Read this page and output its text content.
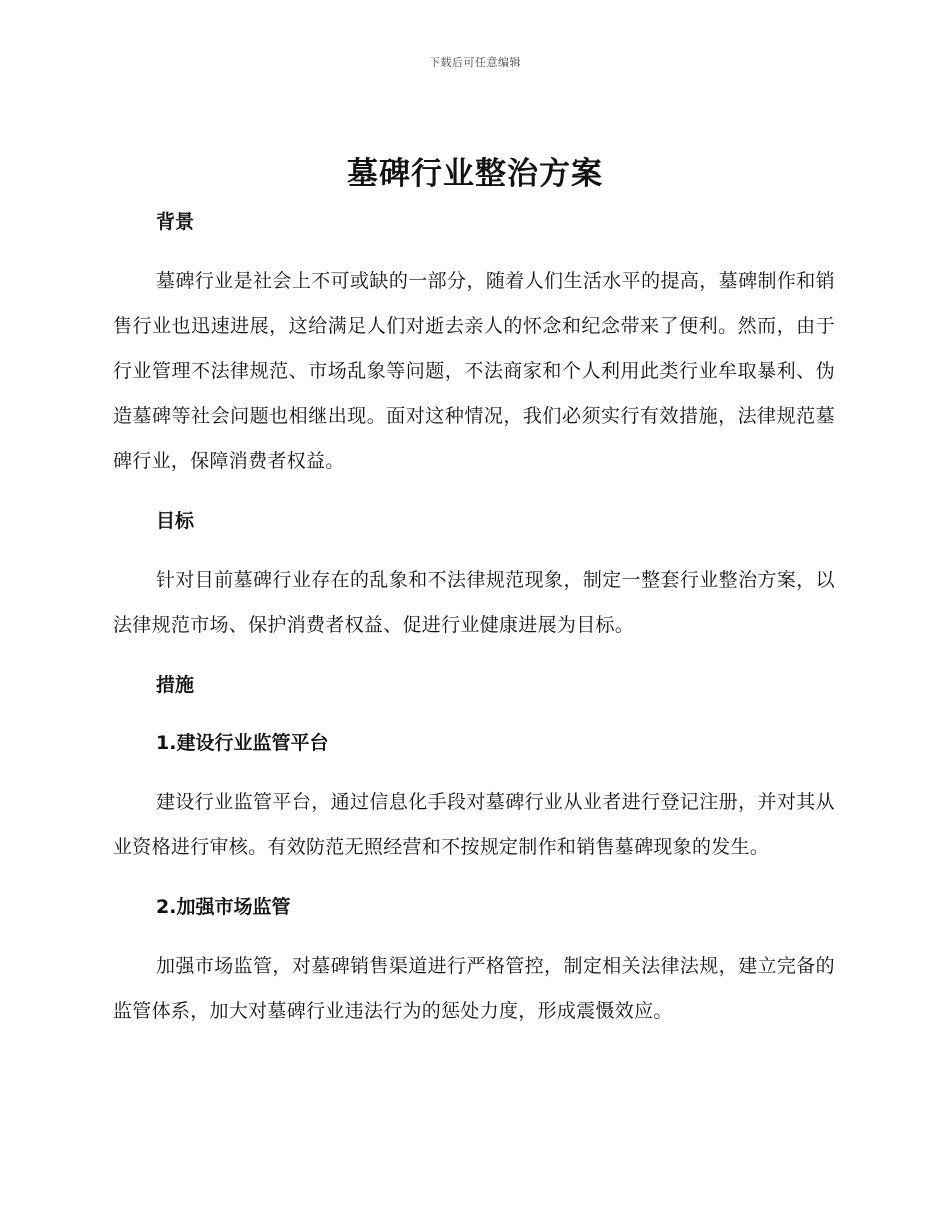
下载后可任意编辑
墓碑行业整治方案
背景

墓碑行业是社会上不可或缺的一部分，随着人们生活水平的提高，墓碑制作和销售行业也迅速进展，这给满足人们对逝去亲人的怀念和纪念带来了便利。然而，由于行业管理不法律规范、市场乱象等问题，不法商家和个人利用此类行业牟取暴利、伪造墓碑等社会问题也相继出现。面对这种情况，我们必须实行有效措施，法律规范墓碑行业，保障消费者权益。

目标

针对目前墓碑行业存在的乱象和不法律规范现象，制定一整套行业整治方案，以法律规范市场、保护消费者权益、促进行业健康进展为目标。

措施
1.建设行业监管平台

建设行业监管平台，通过信息化手段对墓碑行业从业者进行登记注册，并对其从业资格进行审核。有效防范无照经营和不按规定制作和销售墓碑现象的发生。

2.加强市场监管

加强市场监管，对墓碑销售渠道进行严格管控，制定相关法律法规，建立完备的监管体系，加大对墓碑行业违法行为的惩处力度，形成震慑效应。
